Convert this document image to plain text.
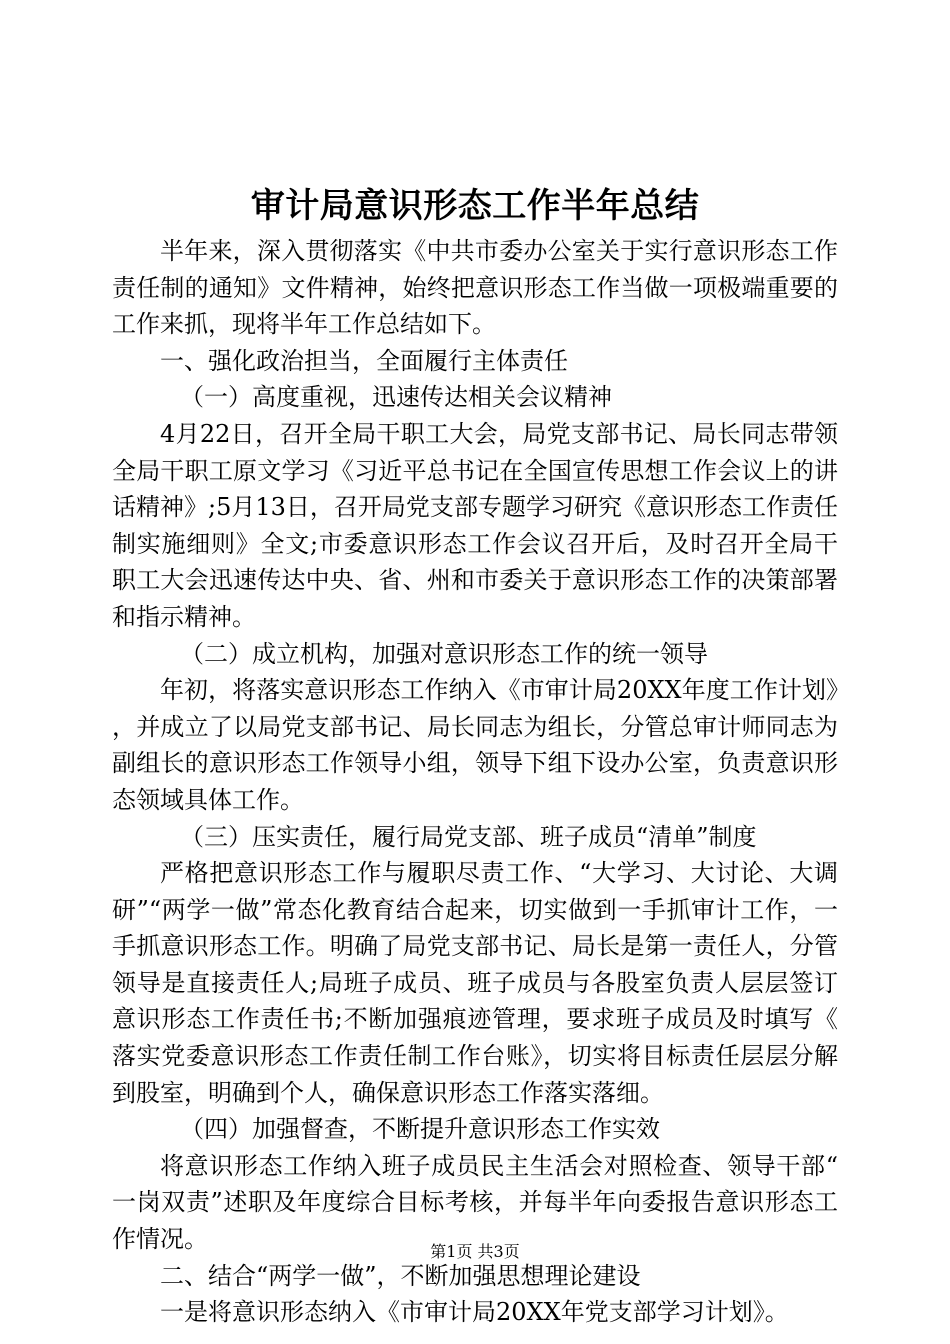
审计局意识形态工作半年总结

半年来，深入贯彻落实《中共市委办公室关于实行意识形态工作责任制的通知》文件精神，始终把意识形态工作当做一项极端重要的工作来抓，现将半年工作总结如下。

一、强化政治担当，全面履行主体责任

（一）高度重视，迅速传达相关会议精神

4月22日，召开全局干职工大会，局党支部书记、局长同志带领全局干职工原文学习《习近平总书记在全国宣传思想工作会议上的讲话精神》;5月13日，召开局党支部专题学习研究《意识形态工作责任制实施细则》全文;市委意识形态工作会议召开后，及时召开全局干职工大会迅速传达中央、省、州和市委关于意识形态工作的决策部署和指示精神。

（二）成立机构，加强对意识形态工作的统一领导

年初，将落实意识形态工作纳入《市审计局20XX年度工作计划》，并成立了以局党支部书记、局长同志为组长，分管总审计师同志为副组长的意识形态工作领导小组，领导下组下设办公室，负责意识形态领域具体工作。

（三）压实责任，履行局党支部、班子成员“清单”制度

严格把意识形态工作与履职尽责工作、“大学习、大讨论、大调研”“两学一做”常态化教育结合起来，切实做到一手抓审计工作，一手抓意识形态工作。明确了局党支部书记、局长是第一责任人，分管领导是直接责任人;局班子成员、班子成员与各股室负责人层层签订意识形态工作责任书;不断加强痕迹管理，要求班子成员及时填写《落实党委意识形态工作责任制工作台账》，切实将目标责任层层分解到股室，明确到个人，确保意识形态工作落实落细。

（四）加强督查，不断提升意识形态工作实效

将意识形态工作纳入班子成员民主生活会对照检查、领导干部“一岗双责”述职及年度综合目标考核，并每半年向委报告意识形态工作情况。

二、结合“两学一做”，不断加强思想理论建设

一是将意识形态纳入《市审计局20XX年党支部学习计划》。

第1页 共3页
